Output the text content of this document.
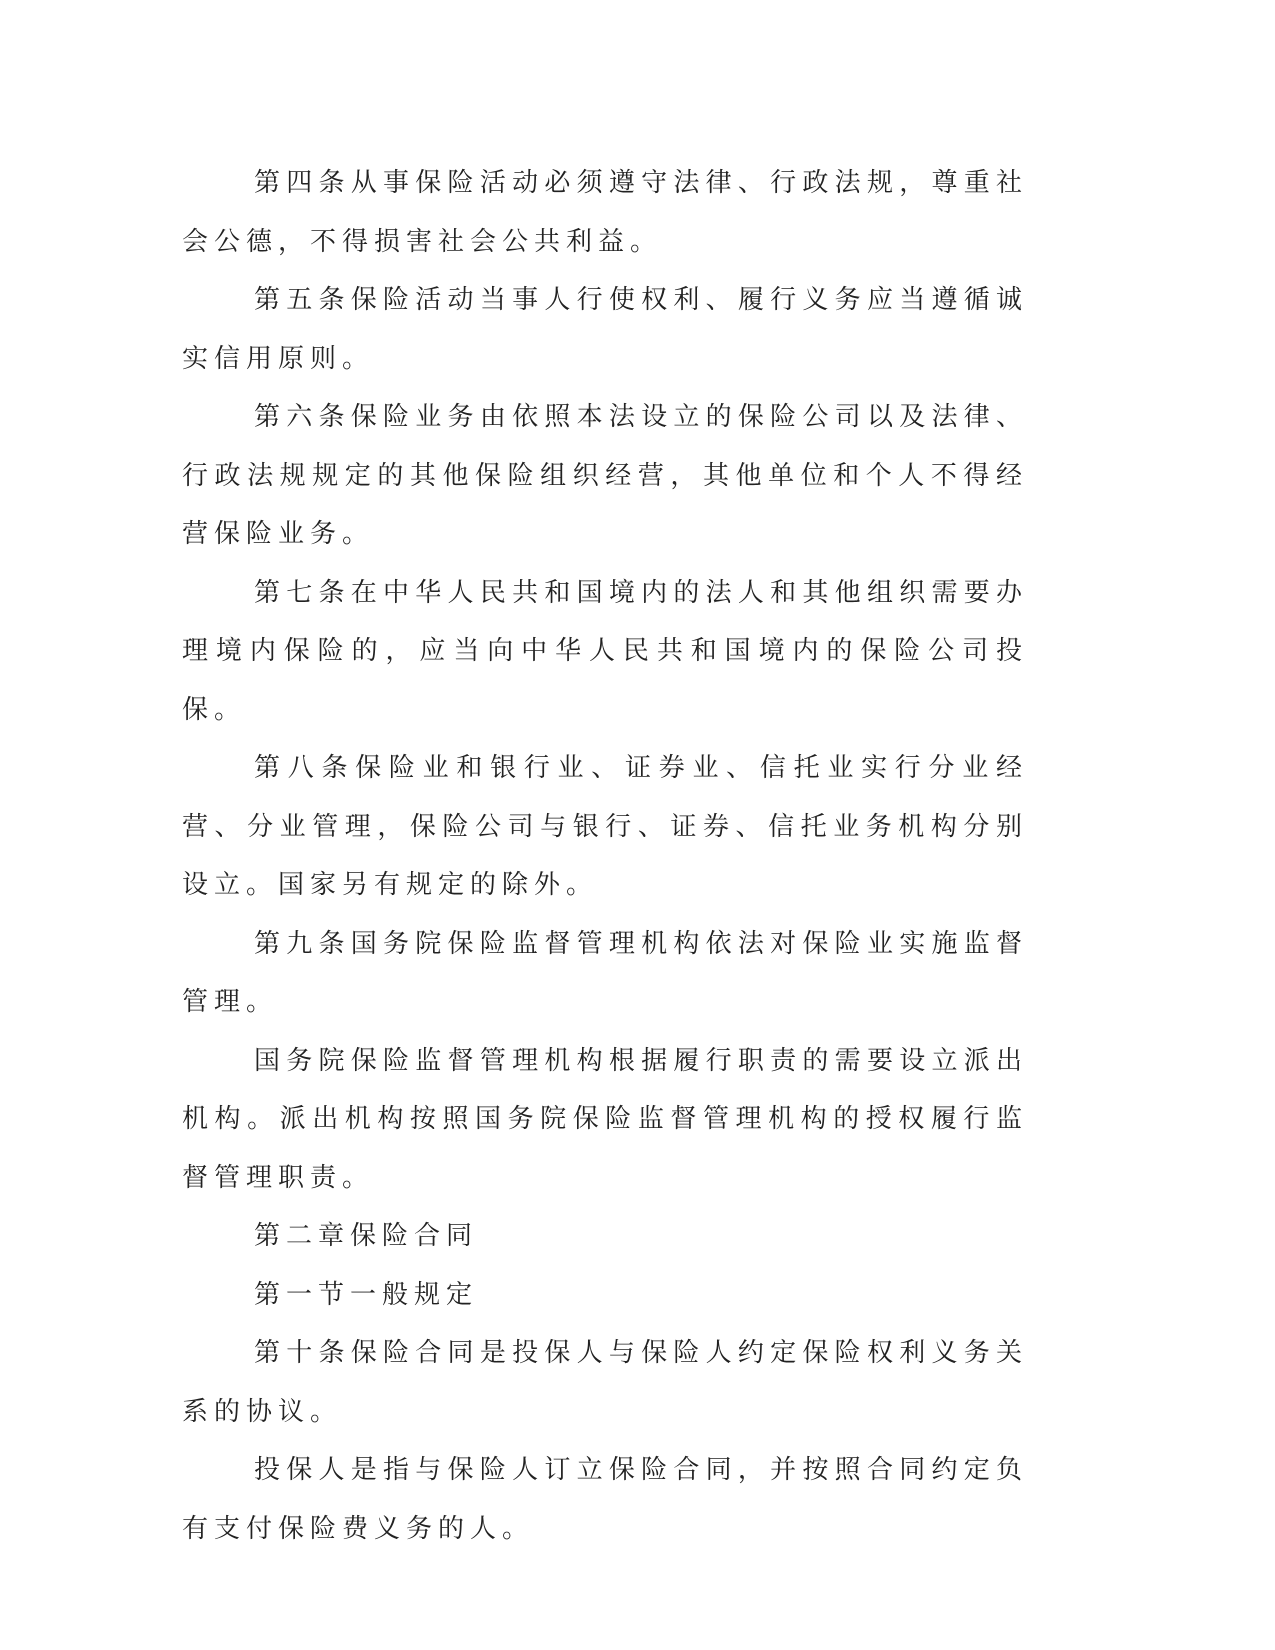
第四条从事保险活动必须遵守法律、行政法规，尊重社会公德，不得损害社会公共利益。

第五条保险活动当事人行使权利、履行义务应当遵循诚实信用原则。

第六条保险业务由依照本法设立的保险公司以及法律、行政法规规定的其他保险组织经营，其他单位和个人不得经营保险业务。

第七条在中华人民共和国境内的法人和其他组织需要办理境内保险的，应当向中华人民共和国境内的保险公司投保。

第八条保险业和银行业、证券业、信托业实行分业经营、分业管理，保险公司与银行、证券、信托业务机构分别设立。国家另有规定的除外。

第九条国务院保险监督管理机构依法对保险业实施监督管理。

国务院保险监督管理机构根据履行职责的需要设立派出机构。派出机构按照国务院保险监督管理机构的授权履行监督管理职责。

第二章保险合同

第一节一般规定

第十条保险合同是投保人与保险人约定保险权利义务关系的协议。

投保人是指与保险人订立保险合同，并按照合同约定负有支付保险费义务的人。
